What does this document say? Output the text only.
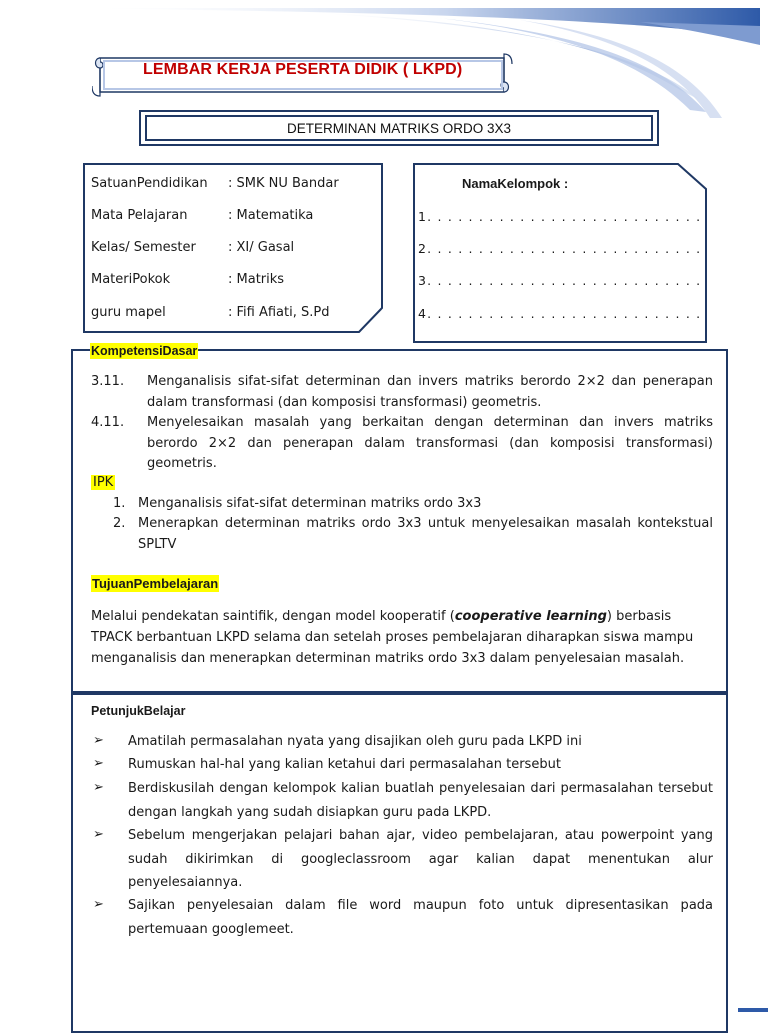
LEMBAR KERJA PESERTA DIDIK ( LKPD)
DETERMINAN MATRIKS ORDO 3X3
SatuanPendidikan : SMK NU Bandar
Mata Pelajaran	: Matematika
Kelas/ Semester : XI/ Gasal
MateriPokok	: Matriks
guru mapel	: Fifi Afiati, S.Pd
NamaKelompok :
1. . . . . . . . . . . . . . . . . . . . . . . . . . .
2. . . . . . . . . . . . . . . . . . . . . . . . . . .
3. . . . . . . . . . . . . . . . . . . . . . . . . . .
4. . . . . . . . . . . . . . . . . . . . . . . . . . .
KompetensiDasar
3.11. Menganalisis sifat-sifat determinan dan invers matriks berordo 2×2 dan penerapan dalam transformasi (dan komposisi transformasi) geometris.
4.11. Menyelesaikan masalah yang berkaitan dengan determinan dan invers matriks berordo 2×2 dan penerapan dalam transformasi (dan komposisi transformasi) geometris.
IPK
1. Menganalisis sifat-sifat determinan matriks ordo 3x3
2. Menerapkan determinan matriks ordo 3x3 untuk menyelesaikan masalah kontekstual SPLTV
TujuanPembelajaran
Melalui pendekatan saintifik, dengan model kooperatif (cooperative learning) berbasis TPACK berbantuan LKPD selama dan setelah proses pembelajaran diharapkan siswa mampu menganalisis dan menerapkan determinan matriks ordo 3x3 dalam penyelesaian masalah.
PetunjukBelajar
➢ Amatilah permasalahan nyata yang disajikan oleh guru pada LKPD ini
➢ Rumuskan hal-hal yang kalian ketahui dari permasalahan tersebut
➢ Berdiskusilah dengan kelompok kalian buatlah penyelesaian dari permasalahan tersebut dengan langkah yang sudah disiapkan guru pada LKPD.
➢ Sebelum mengerjakan pelajari bahan ajar, video pembelajaran, atau powerpoint yang sudah dikirimkan di googleclassroom agar kalian dapat menentukan alur penyelesaiannya.
➢ Sajikan penyelesaian dalam file word maupun foto untuk dipresentasikan pada pertemuaan googlemeet.
